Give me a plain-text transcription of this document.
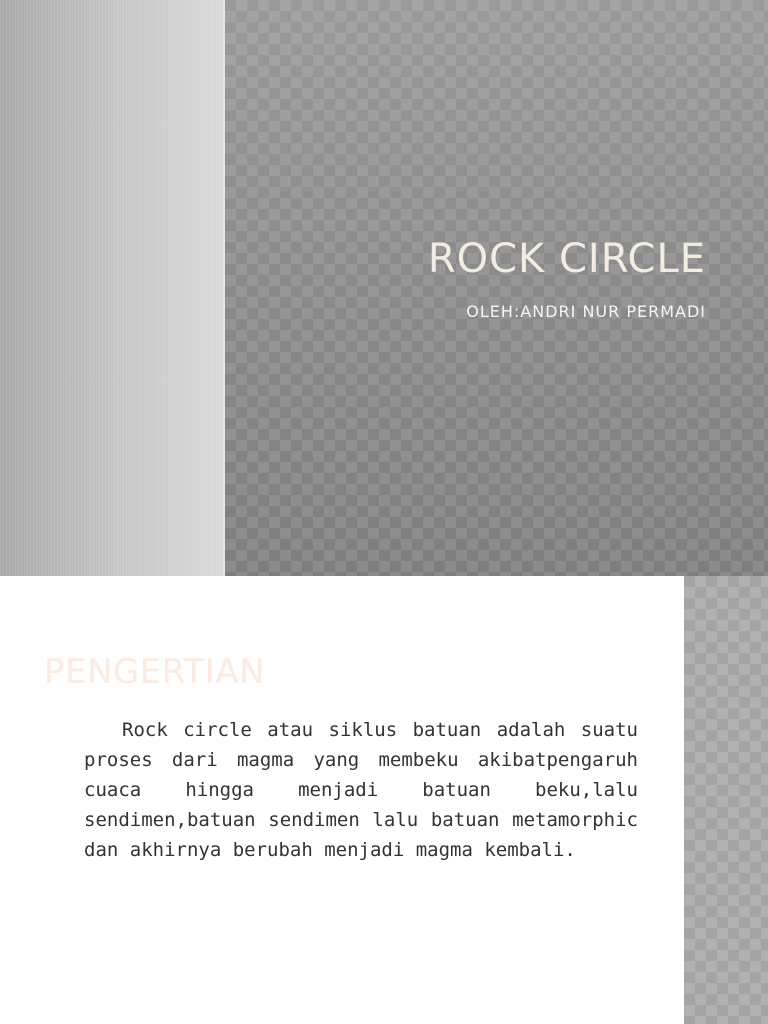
ROCK CIRCLE

OLEH:ANDRI NUR PERMADI

PENGERTIAN

Rock circle atau siklus batuan adalah suatu proses dari magma yang membeku akibatpengaruh cuaca hingga menjadi batuan beku,lalu sendimen,batuan sendimen lalu batuan metamorphic dan akhirnya berubah menjadi magma kembali.
